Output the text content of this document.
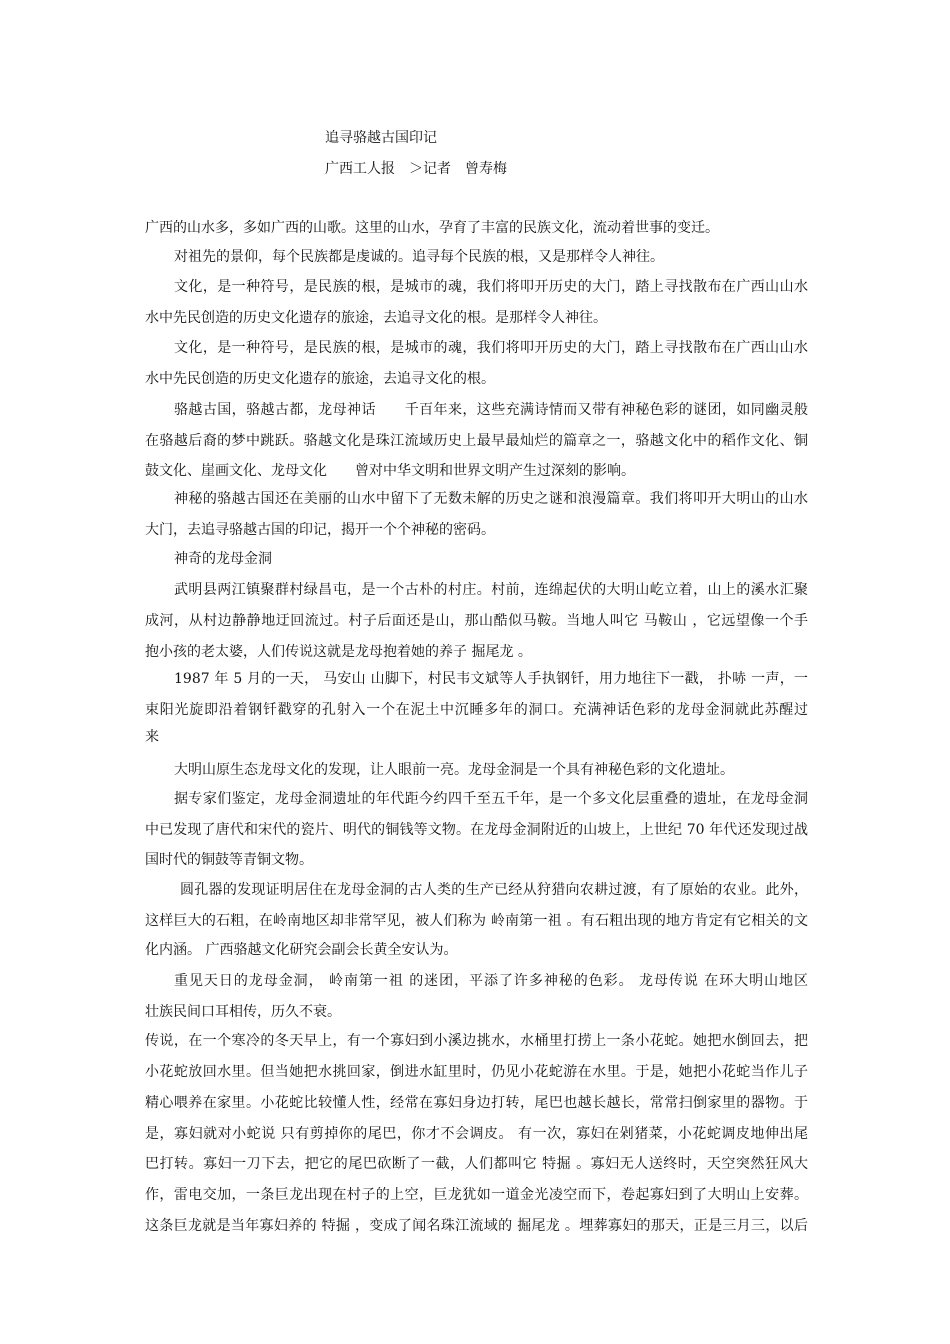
追寻骆越古国印记
广西工人报 ＞记者 曾寿梅
广西的山水多，多如广西的山歌。这里的山水，孕育了丰富的民族文化，流动着世事的变迁。
对祖先的景仰，每个民族都是虔诚的。追寻每个民族的根，又是那样令人神往。
文化，是一种符号，是民族的根，是城市的魂，我们将叩开历史的大门，踏上寻找散布在广西山山水
水中先民创造的历史文化遗存的旅途，去追寻文化的根。是那样令人神往。
文化，是一种符号，是民族的根，是城市的魂，我们将叩开历史的大门，踏上寻找散布在广西山山水
水中先民创造的历史文化遗存的旅途，去追寻文化的根。
骆越古国，骆越古都，龙母神话　　千百年来，这些充满诗情而又带有神秘色彩的谜团，如同幽灵般
在骆越后裔的梦中跳跃。骆越文化是珠江流域历史上最早最灿烂的篇章之一，骆越文化中的稻作文化、铜
鼓文化、崖画文化、龙母文化　　曾对中华文明和世界文明产生过深刻的影响。
神秘的骆越古国还在美丽的山水中留下了无数未解的历史之谜和浪漫篇章。我们将叩开大明山的山水
大门，去追寻骆越古国的印记，揭开一个个神秘的密码。
神奇的龙母金洞
武明县两江镇聚群村绿昌屯，是一个古朴的村庄。村前，连绵起伏的大明山屹立着，山上的溪水汇聚
成河，从村边静静地迂回流过。村子后面还是山，那山酷似马鞍。当地人叫它 马鞍山 ，它远望像一个手
抱小孩的老太婆，人们传说这就是龙母抱着她的养子 掘尾龙 。
1987 年 5 月的一天， 马安山 山脚下，村民韦文斌等人手执钢钎，用力地往下一戳， 扑哧 一声，一
束阳光旋即沿着钢钎戳穿的孔射入一个在泥土中沉睡多年的洞口。充满神话色彩的龙母金洞就此苏醒过
来
大明山原生态龙母文化的发现，让人眼前一亮。龙母金洞是一个具有神秘色彩的文化遗址。
据专家们鉴定，龙母金洞遗址的年代距今约四千至五千年，是一个多文化层重叠的遗址，在龙母金洞
中已发现了唐代和宋代的瓷片、明代的铜钱等文物。在龙母金洞附近的山坡上，上世纪 70 年代还发现过战
国时代的铜鼓等青铜文物。
圆孔器的发现证明居住在龙母金洞的古人类的生产已经从狩猎向农耕过渡，有了原始的农业。此外，
这样巨大的石粗，在岭南地区却非常罕见，被人们称为 岭南第一祖 。有石粗出现的地方肯定有它相关的文
化内涵。 广西骆越文化研究会副会长黄全安认为。
重见天日的龙母金洞， 岭南第一祖 的迷团，平添了许多神秘的色彩。 龙母传说 在环大明山地区
壮族民间口耳相传，历久不衰。
传说，在一个寒冷的冬天早上，有一个寡妇到小溪边挑水，水桶里打捞上一条小花蛇。她把水倒回去，把
小花蛇放回水里。但当她把水挑回家，倒进水缸里时，仍见小花蛇游在水里。于是，她把小花蛇当作儿子
精心喂养在家里。小花蛇比较懂人性，经常在寡妇身边打转，尾巴也越长越长，常常扫倒家里的器物。于
是，寡妇就对小蛇说 只有剪掉你的尾巴，你才不会调皮。 有一次，寡妇在剁猪菜，小花蛇调皮地伸出尾
巴打转。寡妇一刀下去，把它的尾巴砍断了一截，人们都叫它 特掘 。寡妇无人送终时，天空突然狂风大
作，雷电交加，一条巨龙出现在村子的上空，巨龙犹如一道金光凌空而下，卷起寡妇到了大明山上安葬。
这条巨龙就是当年寡妇养的 特掘 ，变成了闻名珠江流域的 掘尾龙 。埋葬寡妇的那天，正是三月三，以后
